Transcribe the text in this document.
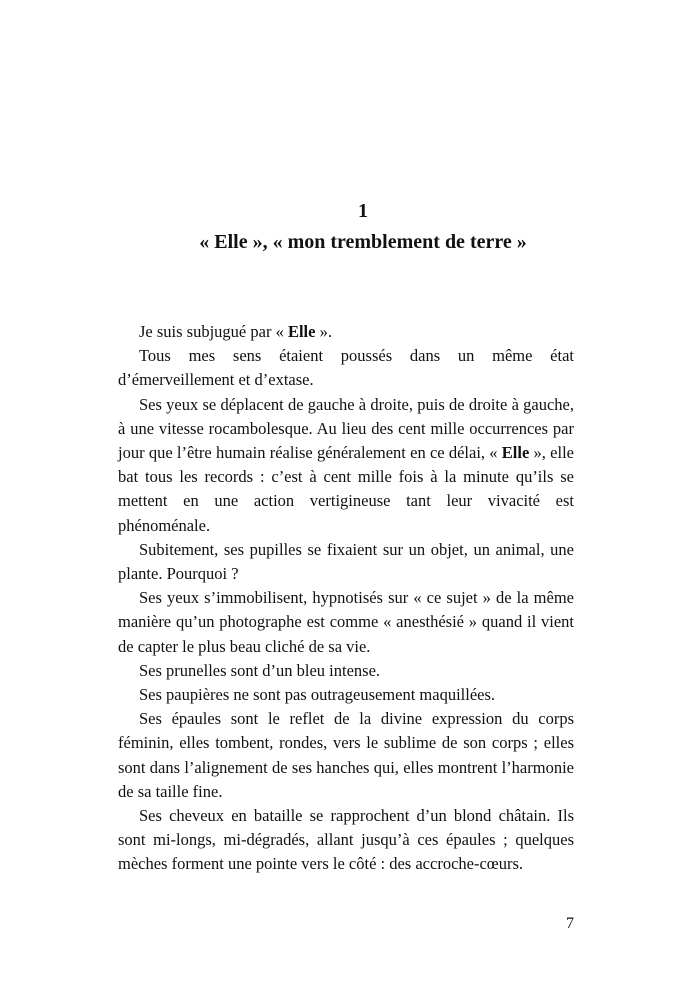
1
« Elle », « mon tremblement de terre »

Je suis subjugué par « Elle ».

Tous mes sens étaient poussés dans un même état d’émerveillement et d’extase.

Ses yeux se déplacent de gauche à droite, puis de droite à gauche, à une vitesse rocambolesque. Au lieu des cent mille occurrences par jour que l’être humain réalise généralement en ce délai, « Elle », elle bat tous les records : c’est à cent mille fois à la minute qu’ils se mettent en une action vertigineuse tant leur vivacité est phénoménale.

Subitement, ses pupilles se fixaient sur un objet, un animal, une plante. Pourquoi ?

Ses yeux s’immobilisent, hypnotisés sur « ce sujet » de la même manière qu’un photographe est comme « anesthésié » quand il vient de capter le plus beau cliché de sa vie.

Ses prunelles sont d’un bleu intense.

Ses paupières ne sont pas outrageusement maquillées.

Ses épaules sont le reflet de la divine expression du corps féminin, elles tombent, rondes, vers le sublime de son corps ; elles sont dans l’alignement de ses hanches qui, elles montrent l’harmonie de sa taille fine.

Ses cheveux en bataille se rapprochent d’un blond châtain. Ils sont mi-longs, mi-dégradés, allant jusqu’à ces épaules ; quelques mèches forment une pointe vers le côté : des accroche-cœurs.

7
